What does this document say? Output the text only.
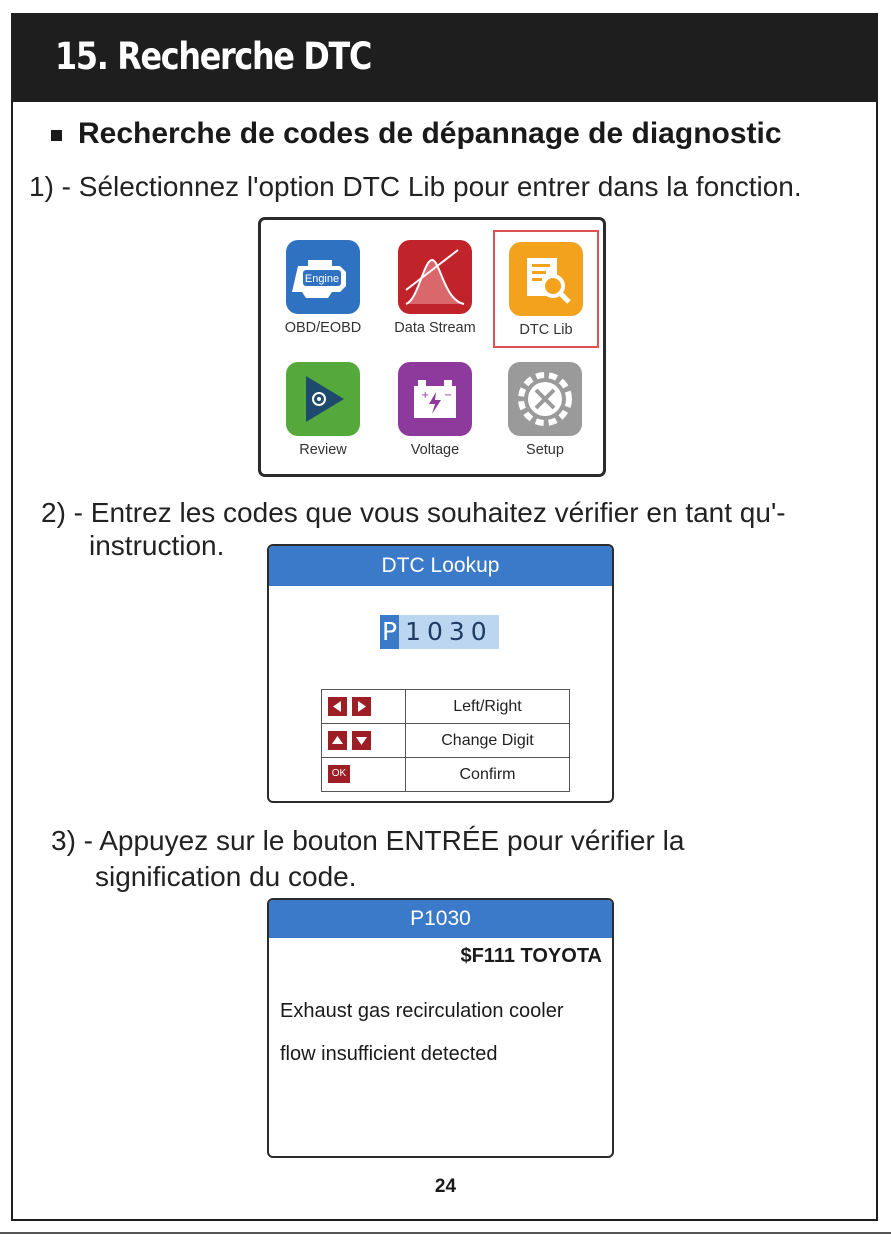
15. Recherche DTC
Recherche de codes de dépannage de diagnostic
1) - Sélectionnez l'option DTC Lib pour entrer dans la fonction.
Engine
OBD/EOBD	Data Stream	DTC Lib
Review
+ −
Voltage	Setup
2) - Entrez les codes que vous souhaitez vérifier en tant qu'-
instruction.
DTC Lookup
P 1030
	Left/Right
	Change Digit
OK	Confirm
3) - Appuyez sur le bouton ENTRÉE pour vérifier la
signification du code.
P1030
$F111 TOYOTA
Exhaust gas recirculation cooler
flow insufficient detected
24
